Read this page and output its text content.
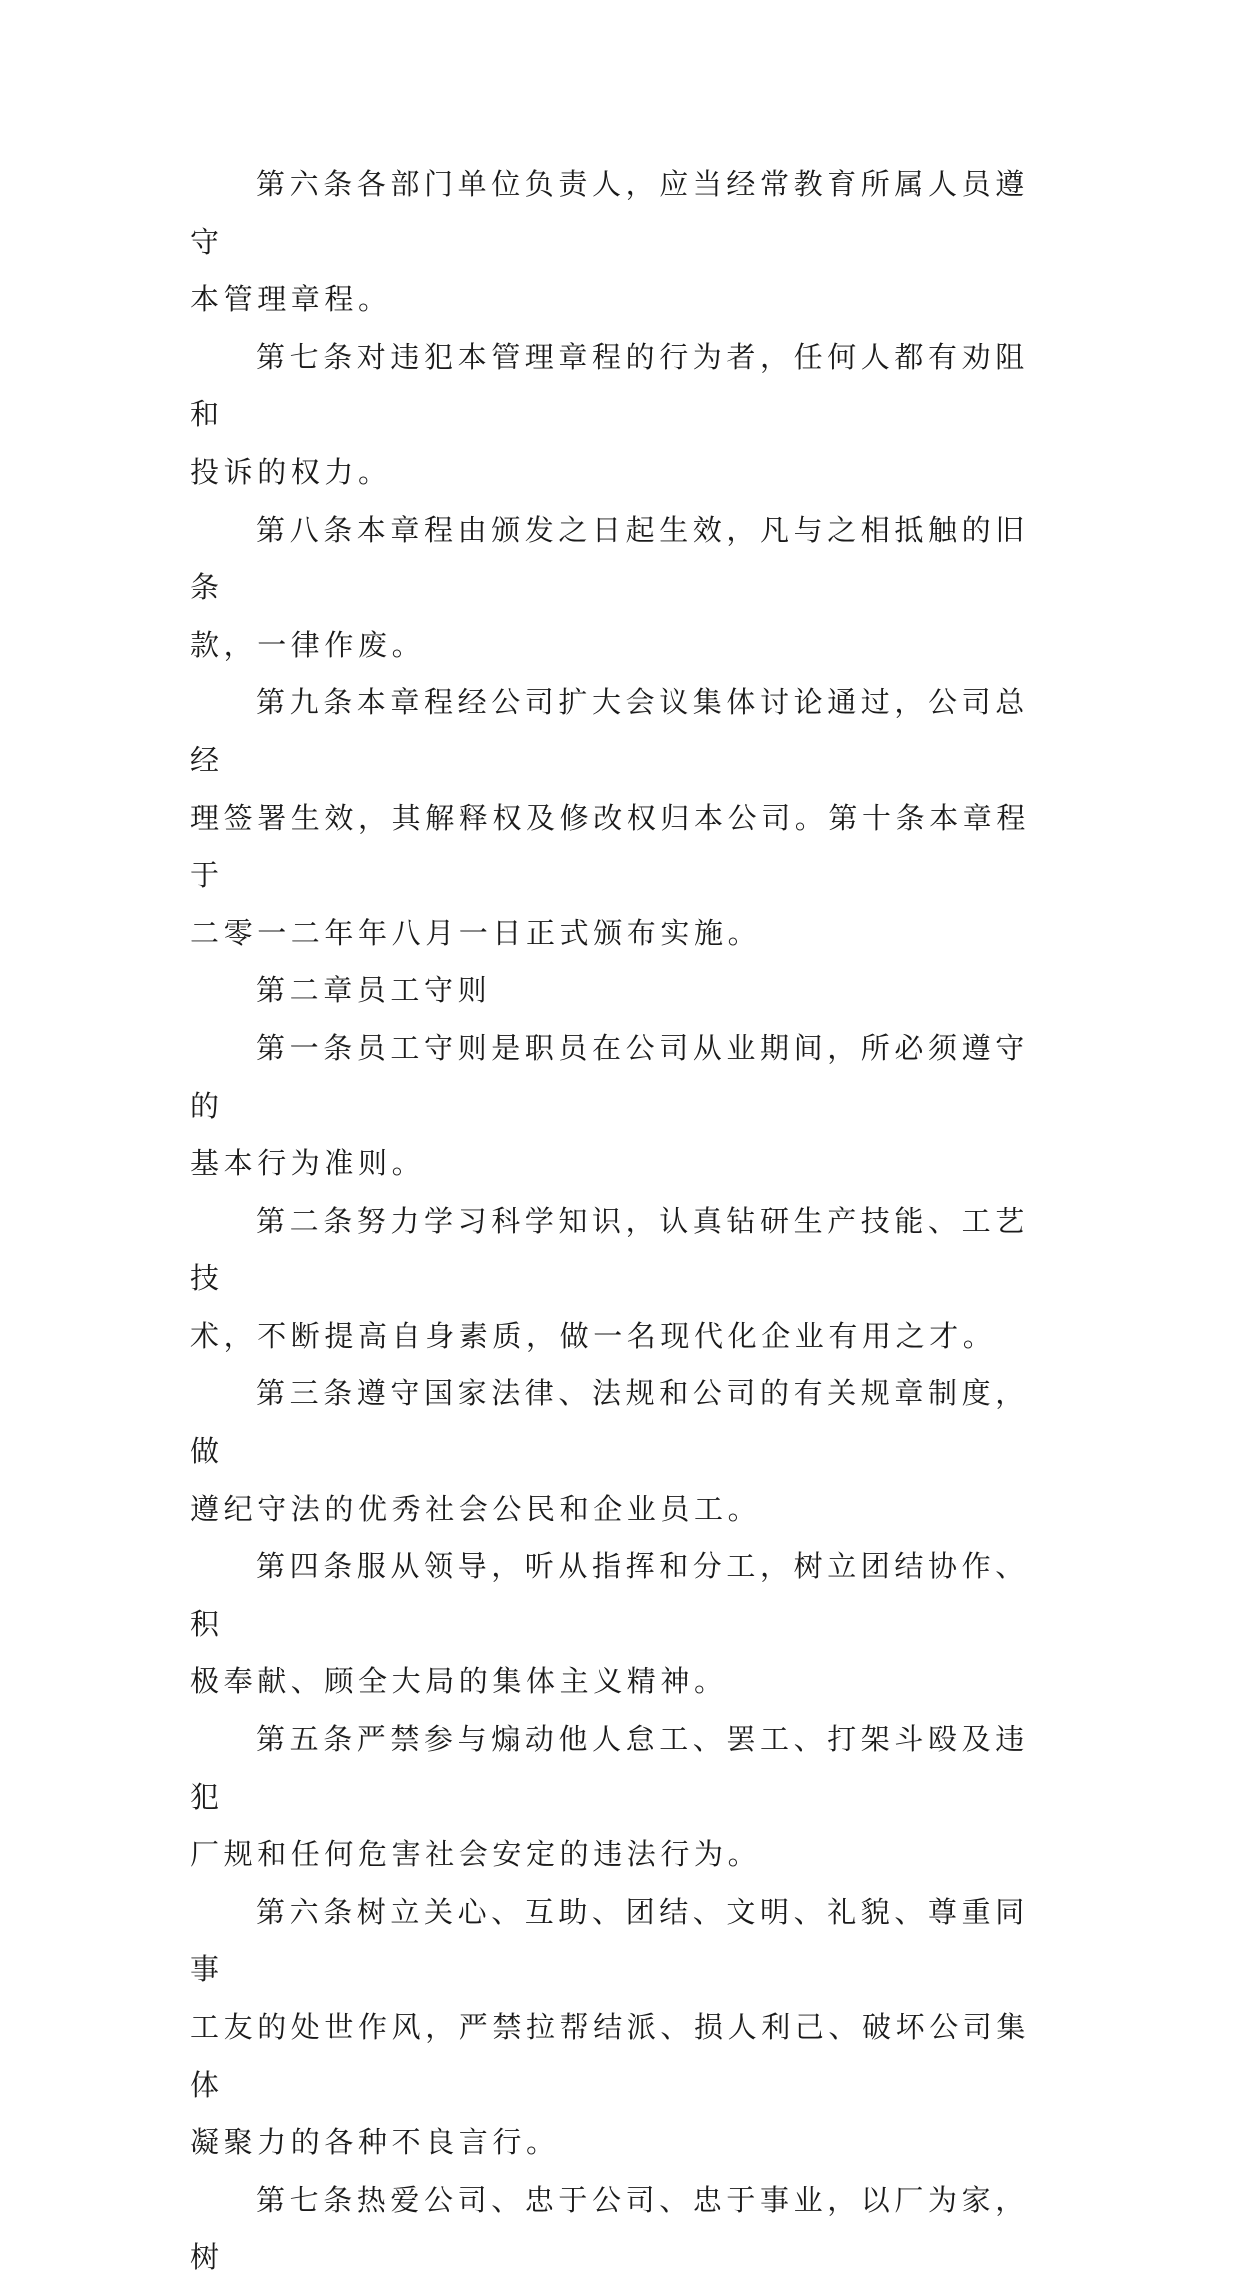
第六条各部门单位负责人，应当经常教育所属人员遵守
本管理章程。

第七条对违犯本管理章程的行为者，任何人都有劝阻和
投诉的权力。

第八条本章程由颁发之日起生效，凡与之相抵触的旧条
款，一律作废。

第九条本章程经公司扩大会议集体讨论通过，公司总经
理签署生效，其解释权及修改权归本公司。第十条本章程于
二零一二年年八月一日正式颁布实施。

第二章员工守则

第一条员工守则是职员在公司从业期间，所必须遵守的
基本行为准则。

第二条努力学习科学知识，认真钻研生产技能、工艺技
术，不断提高自身素质，做一名现代化企业有用之才。

第三条遵守国家法律、法规和公司的有关规章制度，做
遵纪守法的优秀社会公民和企业员工。

第四条服从领导，听从指挥和分工，树立团结协作、积
极奉献、顾全大局的集体主义精神。

第五条严禁参与煽动他人怠工、罢工、打架斗殴及违犯
厂规和任何危害社会安定的违法行为。

第六条树立关心、互助、团结、文明、礼貌、尊重同事
工友的处世作风，严禁拉帮结派、损人利己、破坏公司集体
凝聚力的各种不良言行。

第七条热爱公司、忠于公司、忠于事业，以厂为家，树
